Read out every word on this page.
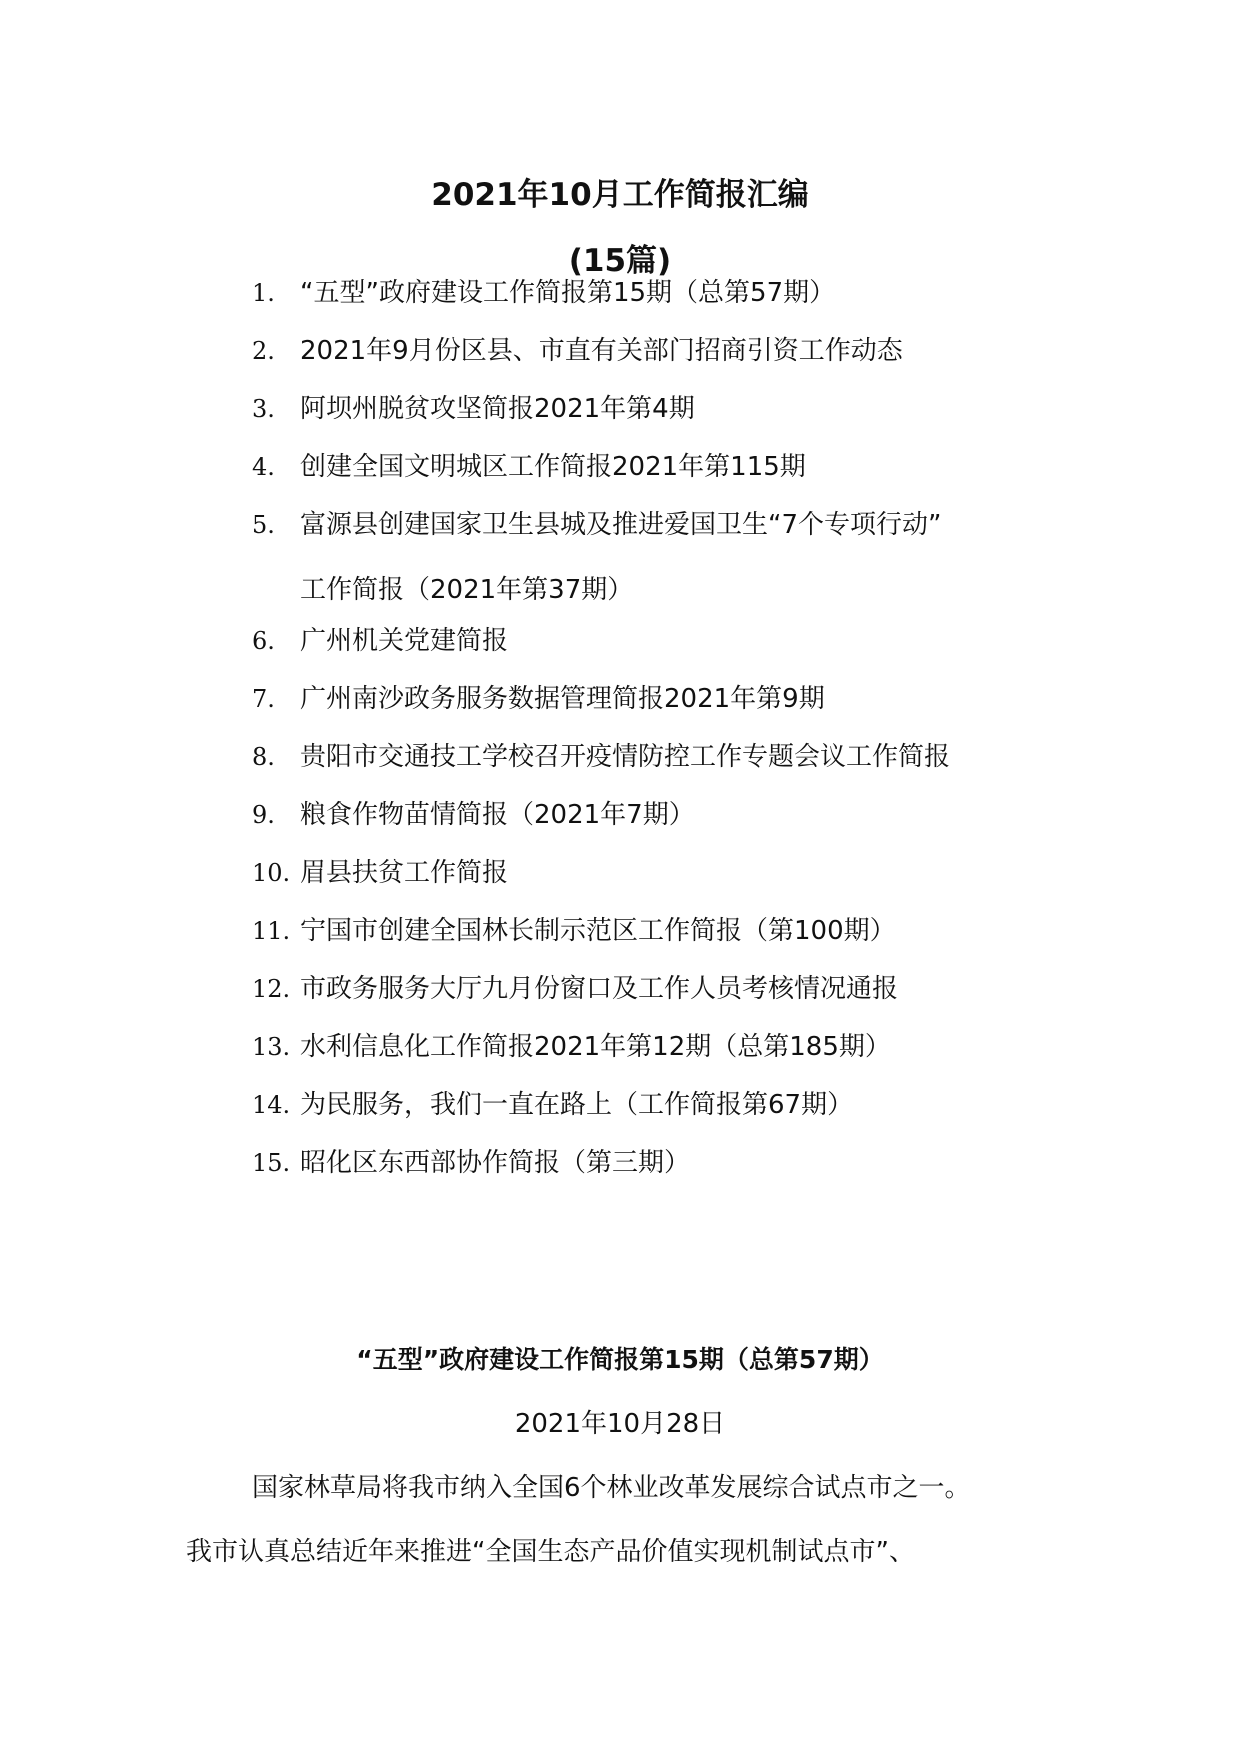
2021年10月工作简报汇编
(15篇)
1. “五型”政府建设工作简报第15期（总第57期）
2. 2021年9月份区县、市直有关部门招商引资工作动态
3. 阿坝州脱贫攻坚简报2021年第4期
4. 创建全国文明城区工作简报2021年第115期
5. 富源县创建国家卫生县城及推进爱国卫生“7个专项行动”
工作简报（2021年第37期）
6. 广州机关党建简报
7. 广州南沙政务服务数据管理简报2021年第9期
8. 贵阳市交通技工学校召开疫情防控工作专题会议工作简报
9. 粮食作物苗情简报（2021年7期）
10. 眉县扶贫工作简报
11. 宁国市创建全国林长制示范区工作简报（第100期）
12. 市政务服务大厅九月份窗口及工作人员考核情况通报
13. 水利信息化工作简报2021年第12期（总第185期）
14. 为民服务，我们一直在路上（工作简报第67期）
15. 昭化区东西部协作简报（第三期）
“五型”政府建设工作简报第15期（总第57期）
2021年10月28日
国家林草局将我市纳入全国6个林业改革发展综合试点市之一。
我市认真总结近年来推进“全国生态产品价值实现机制试点市”、
